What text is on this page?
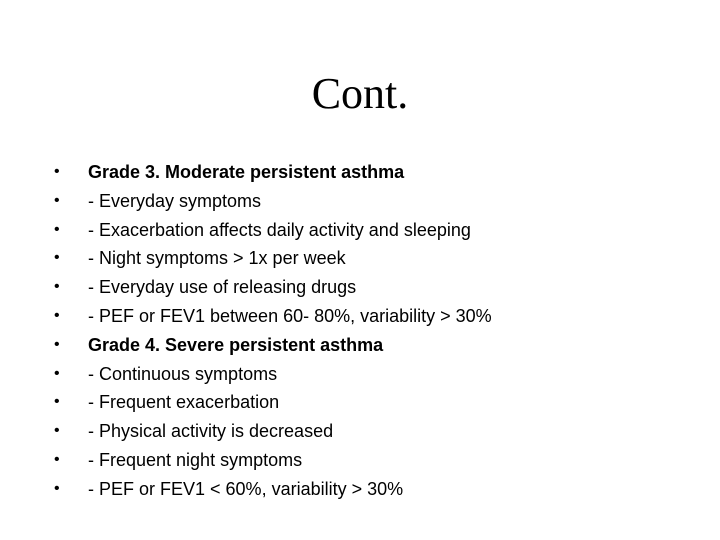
Cont.
•	Grade 3. Moderate persistent asthma
•	- Everyday symptoms
•	- Exacerbation affects daily activity and sleeping
•	- Night symptoms > 1x per week
•	- Everyday use of releasing drugs
•	- PEF or FEV1 between 60- 80%, variability > 30%
•	Grade 4. Severe persistent asthma
•	- Continuous symptoms
•	- Frequent exacerbation
•	- Physical activity is decreased
•	- Frequent night symptoms
•	- PEF or FEV1 < 60%, variability > 30%
